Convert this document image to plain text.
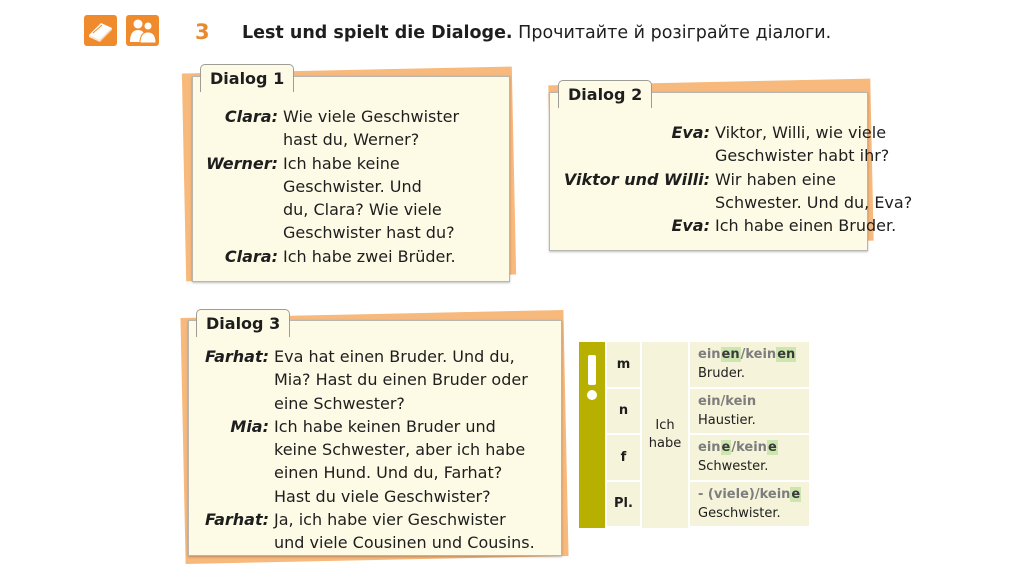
3 Lest und spielt die Dialoge. Прочитайте й розіграйте діалоги.
Dialog 1
Clara: Wie viele Geschwister
hast du, Werner?
Werner: Ich habe keine
Geschwister. Und
du, Clara? Wie viele
Geschwister hast du?
Clara: Ich habe zwei Brüder.
Dialog 2
Eva: Viktor, Willi, wie viele
Geschwister habt ihr?
Viktor und Willi: Wir haben eine
Schwester. Und du, Eva?
Eva: Ich habe einen Bruder.
Dialog 3
Farhat: Eva hat einen Bruder. Und du,
Mia? Hast du einen Bruder oder
eine Schwester?
Mia: Ich habe keinen Bruder und
keine Schwester, aber ich habe
einen Hund. Und du, Farhat?
Hast du viele Geschwister?
Farhat: Ja, ich habe vier Geschwister
und viele Cousinen und Cousins.
Ich habe
m
einen/keinen
Bruder.
n
ein/kein
Haustier.
f
eine/keine
Schwester.
Pl.
- (viele)/keine
Geschwister.
